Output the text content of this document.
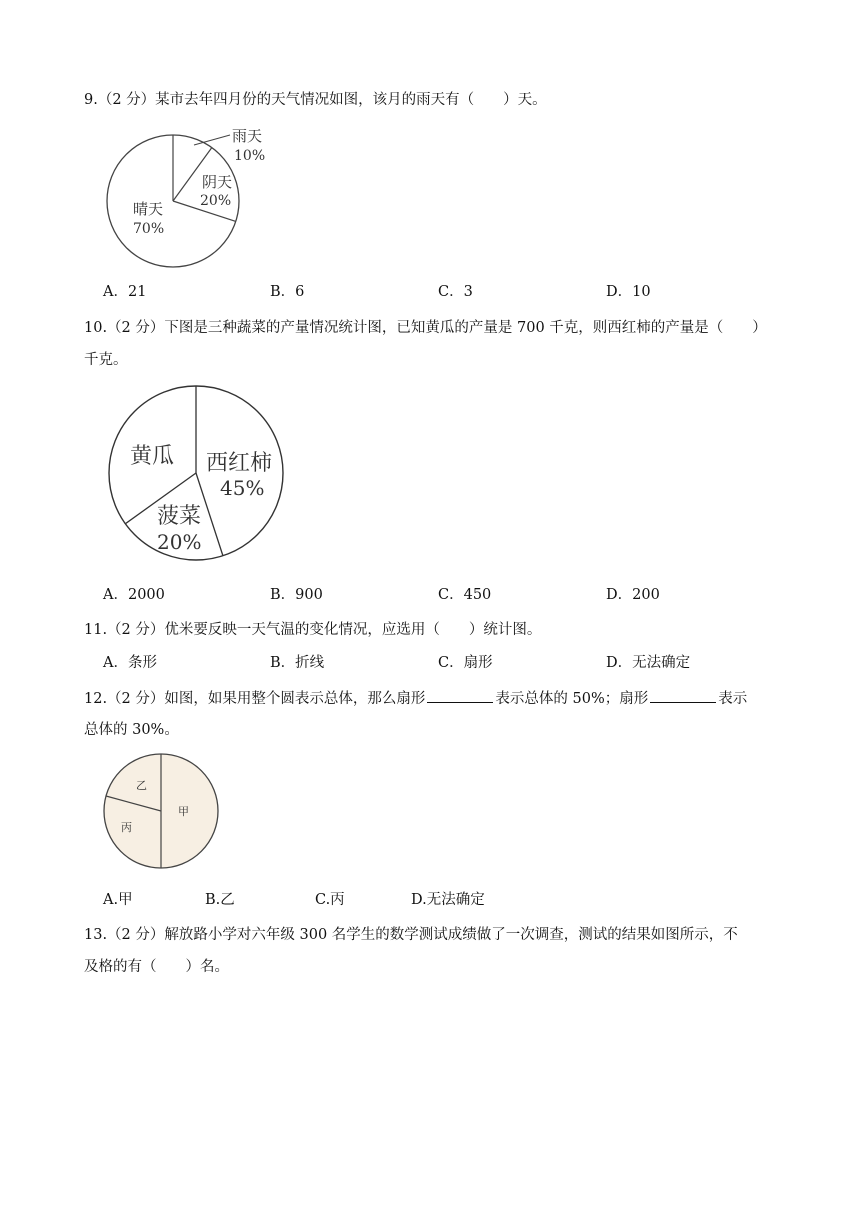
9.（2 分）某市去年四月份的天气情况如图，该月的雨天有（　　）天。
雨天
10%
阴天
20%
晴天
70%
A．21	B．6	C．3	D．10
10.（2 分）下图是三种蔬菜的产量情况统计图，已知黄瓜的产量是 700 千克，则西红柿的产量是（　　）
千克。
黄瓜 西红柿
45%
菠菜
20%
A．2000	B．900	C．450	D．200
11.（2 分）优米要反映一天气温的变化情况，应选用（　　）统计图。
A．条形	B．折线	C．扇形	D．无法确定
12.（2 分）如图，如果用整个圆表示总体，那么扇形	表示总体的 50%；扇形	表示
总体的 30%。
甲
乙
丙
A.甲	B.乙	C.丙	D.无法确定
13.（2 分）解放路小学对六年级 300 名学生的数学测试成绩做了一次调查，测试的结果如图所示，不
及格的有（　　）名。
